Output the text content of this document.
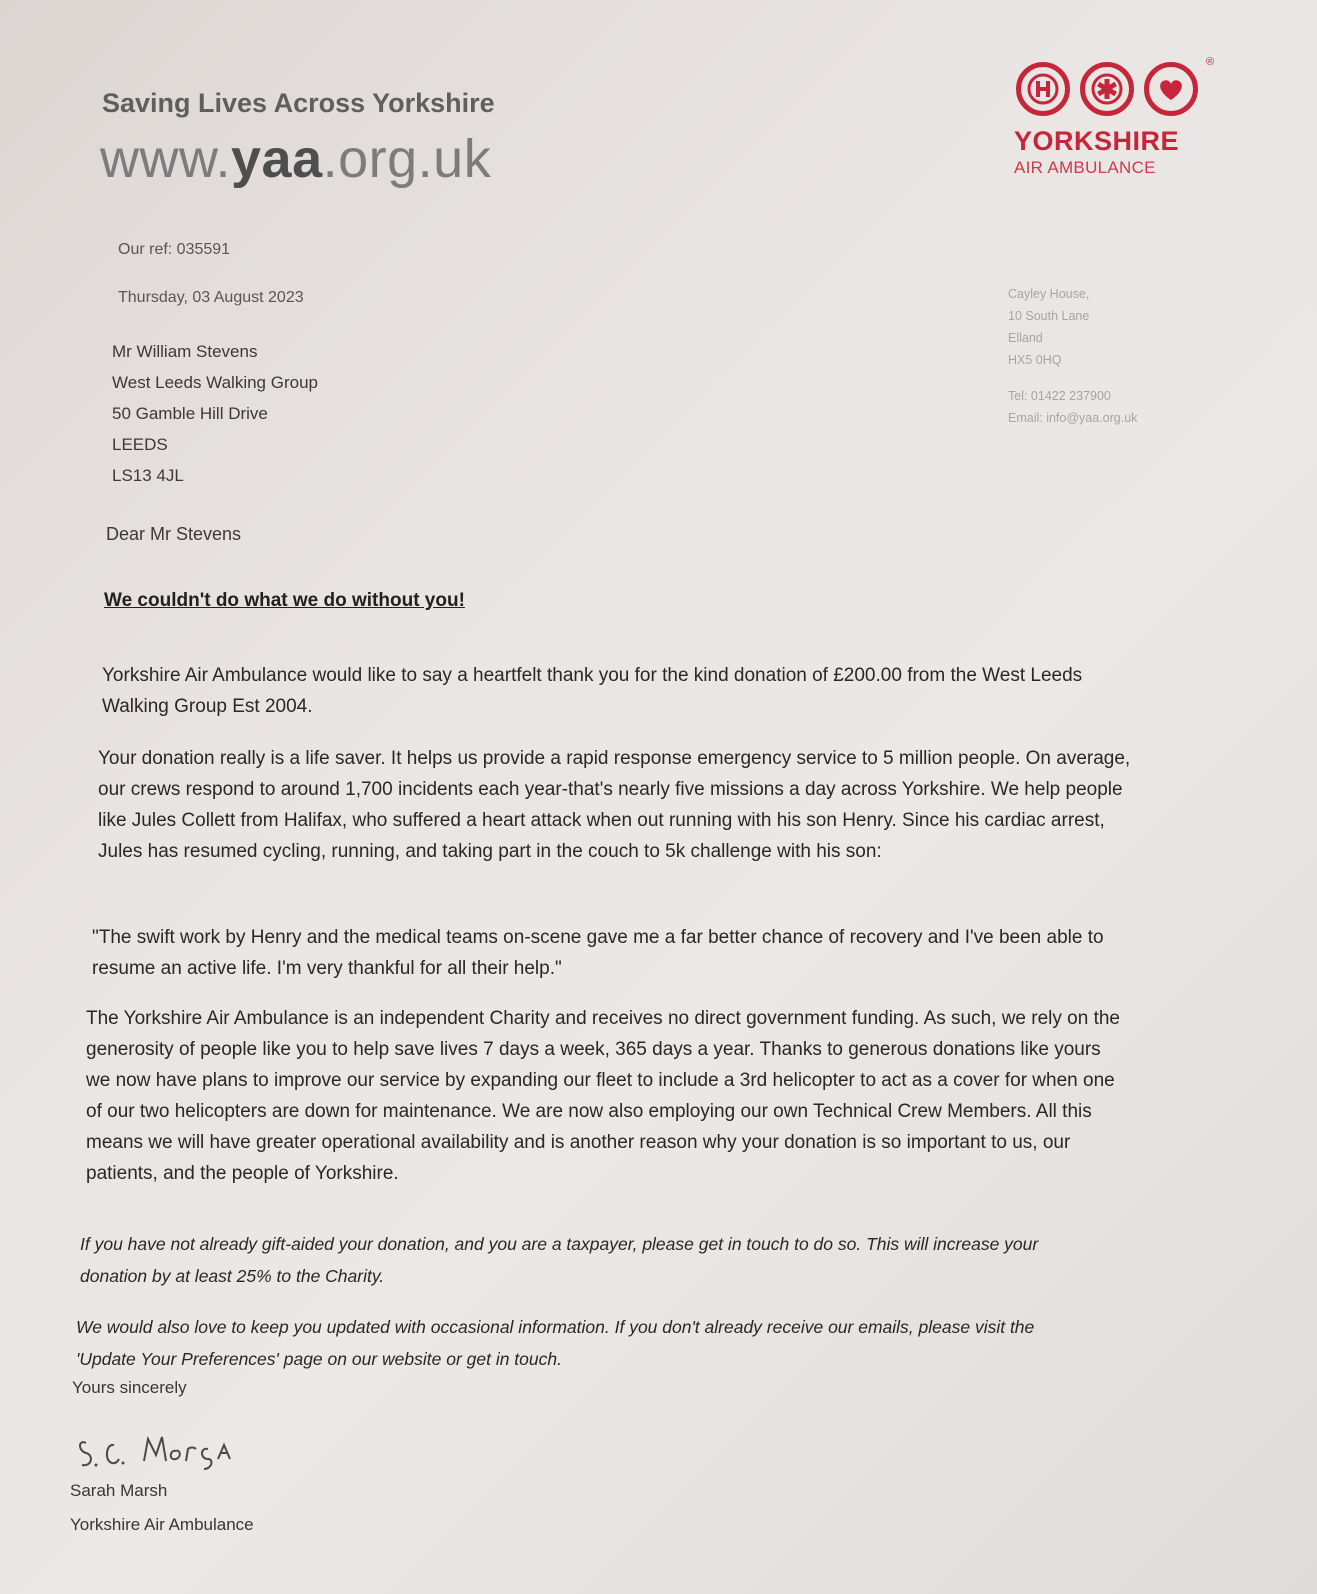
Saving Lives Across Yorkshire
www.yaa.org.uk
®
YORKSHIRE
AIR AMBULANCE
Cayley House,
10 South Lane
Elland
HX5 0HQ
Tel: 01422 237900
Email: info@yaa.org.uk
Our ref: 035591
Thursday, 03 August 2023
Mr William Stevens
West Leeds Walking Group
50 Gamble Hill Drive
LEEDS
LS13 4JL
Dear Mr Stevens
We couldn't do what we do without you!
Yorkshire Air Ambulance would like to say a heartfelt thank you for the kind donation of £200.00 from the West Leeds Walking Group Est 2004.
Your donation really is a life saver. It helps us provide a rapid response emergency service to 5 million people. On average, our crews respond to around 1,700 incidents each year-that's nearly five missions a day across Yorkshire. We help people like Jules Collett from Halifax, who suffered a heart attack when out running with his son Henry. Since his cardiac arrest, Jules has resumed cycling, running, and taking part in the couch to 5k challenge with his son:
"The swift work by Henry and the medical teams on-scene gave me a far better chance of recovery and I've been able to resume an active life. I'm very thankful for all their help."
The Yorkshire Air Ambulance is an independent Charity and receives no direct government funding. As such, we rely on the generosity of people like you to help save lives 7 days a week, 365 days a year. Thanks to generous donations like yours we now have plans to improve our service by expanding our fleet to include a 3rd helicopter to act as a cover for when one of our two helicopters are down for maintenance. We are now also employing our own Technical Crew Members. All this means we will have greater operational availability and is another reason why your donation is so important to us, our patients, and the people of Yorkshire.
If you have not already gift-aided your donation, and you are a taxpayer, please get in touch to do so. This will increase your donation by at least 25% to the Charity.
We would also love to keep you updated with occasional information. If you don't already receive our emails, please visit the 'Update Your Preferences' page on our website or get in touch.
Yours sincerely
Sarah Marsh
Yorkshire Air Ambulance
